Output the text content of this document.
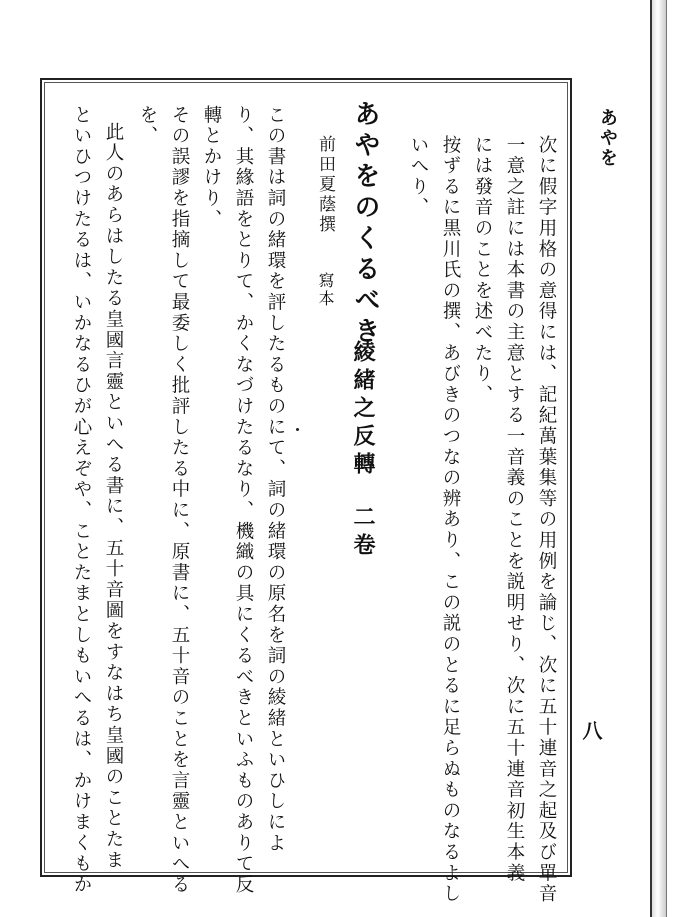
あやを
八
次に假字用格の意得には、記紀萬葉集等の用例を論じ、次に五十連音之起及び單音
一意之註には本書の主意とする一音義のことを説明せり、次に五十連音初生本義
には發音のことを述べたり、
按ずるに黒川氏の撰、あびきのつなの辨あり、この説のとるに足らぬものなるよし
いへり、
あやをのくるべき
綾緒之反轉
二卷
前田夏蔭撰
寫本
この書は詞の緒環を評したるものにて、詞の緒環の原名を詞の綾緒といひしによ
り、其緣語をとりて、かくなづけたるなり、機織の具にくるべきといふものありて反
轉とかけり、
その誤謬を指摘して最委しく批評したる中に、原書に、五十音のことを言靈といへる
を、
此人のあらはしたる皇國言靈といへる書に、五十音圖をすなはち皇國のことたま
といひつけたるは、いかなるひが心えぞや、ことたまとしもいへるは、かけまくもか
